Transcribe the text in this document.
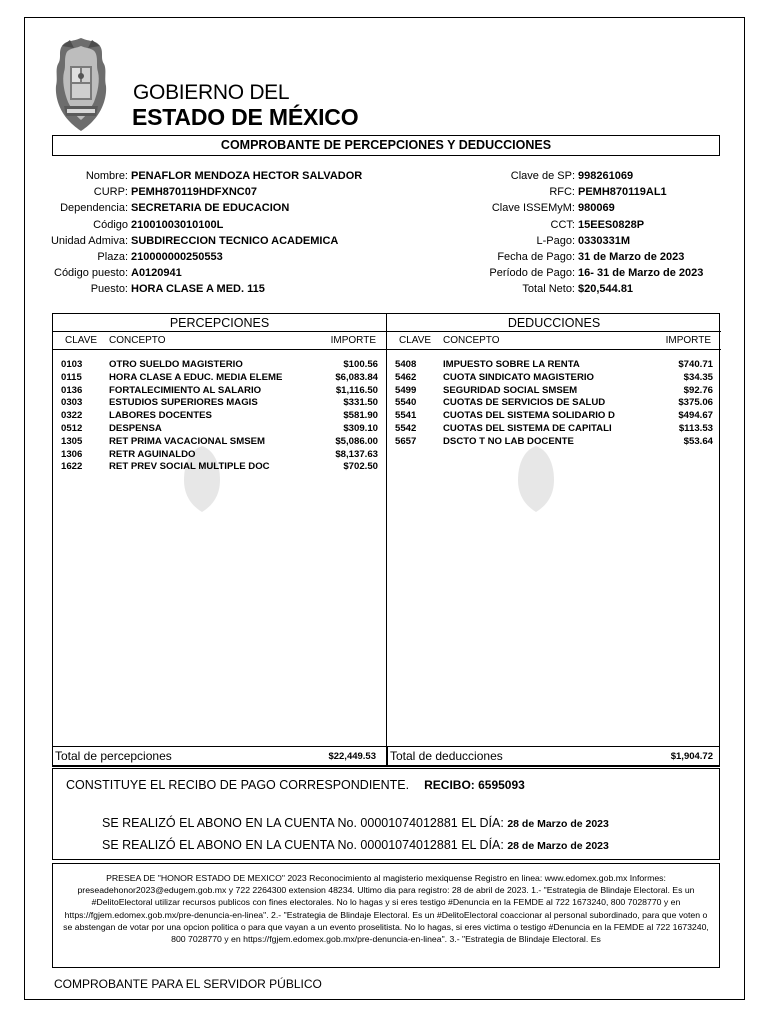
GOBIERNO DEL
ESTADO DE MÉXICO
COMPROBANTE DE PERCEPCIONES Y DEDUCCIONES
Nombre: PENAFLOR MENDOZA HECTOR SALVADOR
CURP: PEMH870119HDFXNC07
Dependencia: SECRETARIA DE EDUCACION
Código 21001003010100L
Unidad Admiva: SUBDIRECCION TECNICO ACADEMICA
Plaza: 210000000250553
Código puesto: A0120941
Puesto: HORA CLASE A MED. 115
Clave de SP: 998261069
RFC: PEMH870119AL1
Clave ISSEMyM: 980069
CCT: 15EES0828P
L-Pago: 0330331M
Fecha de Pago: 31 de Marzo de 2023
Período de Pago: 16- 31 de Marzo de 2023
Total Neto: $20,544.81
PERCEPCIONES
CLAVE CONCEPTO	IMPORTE
0103	OTRO SUELDO MAGISTERIO	$100.56
0115	HORA CLASE A EDUC. MEDIA ELEME	$6,083.84
0136	FORTALECIMIENTO AL SALARIO	$1,116.50
0303	ESTUDIOS SUPERIORES MAGIS	$331.50
0322	LABORES DOCENTES	$581.90
0512	DESPENSA	$309.10
1305	RET PRIMA VACACIONAL SMSEM	$5,086.00
1306	RETR AGUINALDO	$8,137.63
1622	RET PREV SOCIAL MULTIPLE DOC	$702.50
DEDUCCIONES
CLAVE CONCEPTO	IMPORTE
5408	IMPUESTO SOBRE LA RENTA	$740.71
5462	CUOTA SINDICATO MAGISTERIO	$34.35
5499	SEGURIDAD SOCIAL SMSEM	$92.76
5540	CUOTAS DE SERVICIOS DE SALUD	$375.06
5541	CUOTAS DEL SISTEMA SOLIDARIO D	$494.67
5542	CUOTAS DEL SISTEMA DE CAPITALI	$113.53
5657	DSCTO T NO LAB DOCENTE	$53.64
Total de percepciones	$22,449.53 Total de deducciones	$1,904.72
CONSTITUYE EL RECIBO DE PAGO CORRESPONDIENTE. RECIBO: 6595093
SE REALIZÓ EL ABONO EN LA CUENTA No. 00001074012881 EL DÍA: 28 de Marzo de 2023
SE REALIZÓ EL ABONO EN LA CUENTA No. 00001074012881 EL DÍA: 28 de Marzo de 2023
PRESEA DE "HONOR ESTADO DE MEXICO" 2023 Reconocimiento al magisterio mexiquense Registro en linea: www.edomex.gob.mx Informes: preseadehonor2023@edugem.gob.mx y 722 2264300 extension 48234. Ultimo dia para registro: 28 de abril de 2023. 1.- "Estrategia de Blindaje Electoral. Es un #DelitoElectoral utilizar recursos publicos con fines electorales. No lo hagas y si eres testigo #Denuncia en la FEMDE al 722 1673240, 800 7028770 y en https://fgjem.edomex.gob.mx/pre-denuncia-en-linea". 2.- "Estrategia de Blindaje Electoral. Es un #DelitoElectoral coaccionar al personal subordinado, para que voten o se abstengan de votar por una opcion politica o para que vayan a un evento proselitista. No lo hagas, si eres victima o testigo #Denuncia en la FEMDE al 722 1673240, 800 7028770 y en https://fgjem.edomex.gob.mx/pre-denuncia-en-linea". 3.- "Estrategia de Blindaje Electoral. Es
COMPROBANTE PARA EL SERVIDOR PÚBLICO
